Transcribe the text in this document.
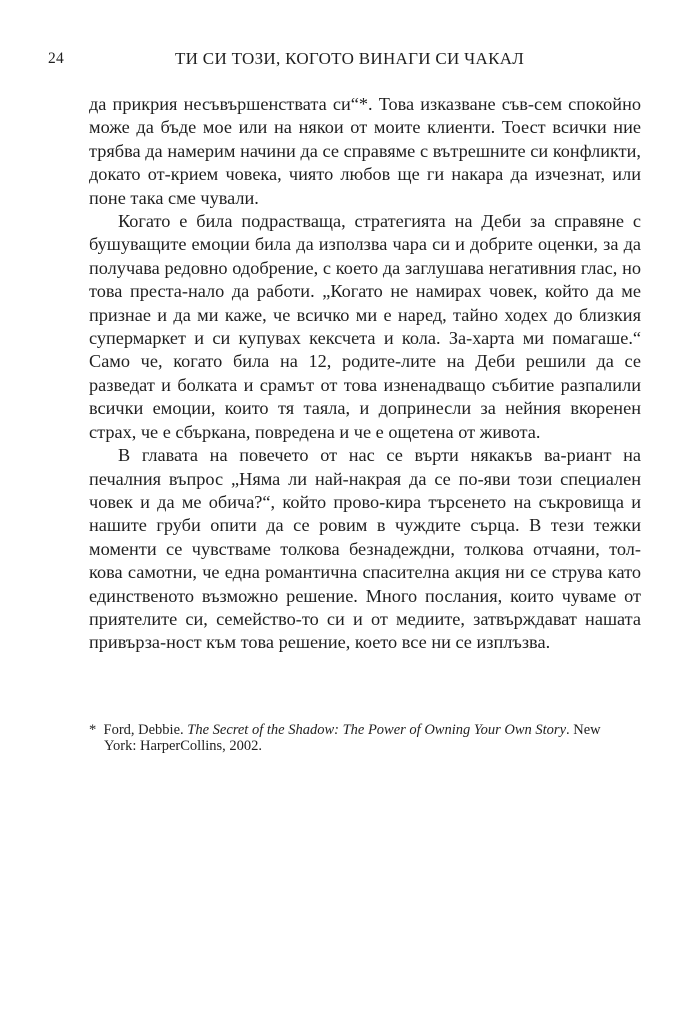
24	ТИ СИ ТОЗИ, КОГОТО ВИНАГИ СИ ЧАКАЛ

да прикрия несъвършенствата си“*. Това изказване съв-сем спокойно може да бъде мое или на някои от моите клиенти. Тоест всички ние трябва да намерим начини да се справяме с вътрешните си конфликти, докато от-крием човека, чиято любов ще ги накара да изчезнат, или поне така сме чували.

Когато е била подрастваща, стратегията на Деби за справяне с бушуващите емоции била да използва чара си и добрите оценки, за да получава редовно одобрение, с което да заглушава негативния глас, но това преста-нало да работи. „Когато не намирах човек, който да ме признае и да ми каже, че всичко ми е наред, тайно ходех до близкия супермаркет и си купувах кексчета и кола. За-харта ми помагаше.“ Само че, когато била на 12, родите-лите на Деби решили да се разведат и болката и срамът от това изненадващо събитие разпалили всички емоции, които тя таяла, и допринесли за нейния вкоренен страх, че е сбъркана, повредена и че е ощетена от живота.

В главата на повечето от нас се върти някакъв ва-риант на печалния въпрос „Няма ли най-накрая да се по-яви този специален човек и да ме обича?“, който прово-кира търсенето на съкровища и нашите груби опити да се ровим в чуждите сърца. В тези тежки моменти се чувстваме толкова безнадеждни, толкова отчаяни, тол-кова самотни, че една романтична спасителна акция ни се струва като единственото възможно решение. Много послания, които чуваме от приятелите си, семейство-то си и от медиите, затвърждават нашата привърза-ност към това решение, което все ни се изплъзва.

* Ford, Debbie. The Secret of the Shadow: The Power of Owning Your Own Story. New
York: HarperCollins, 2002.
